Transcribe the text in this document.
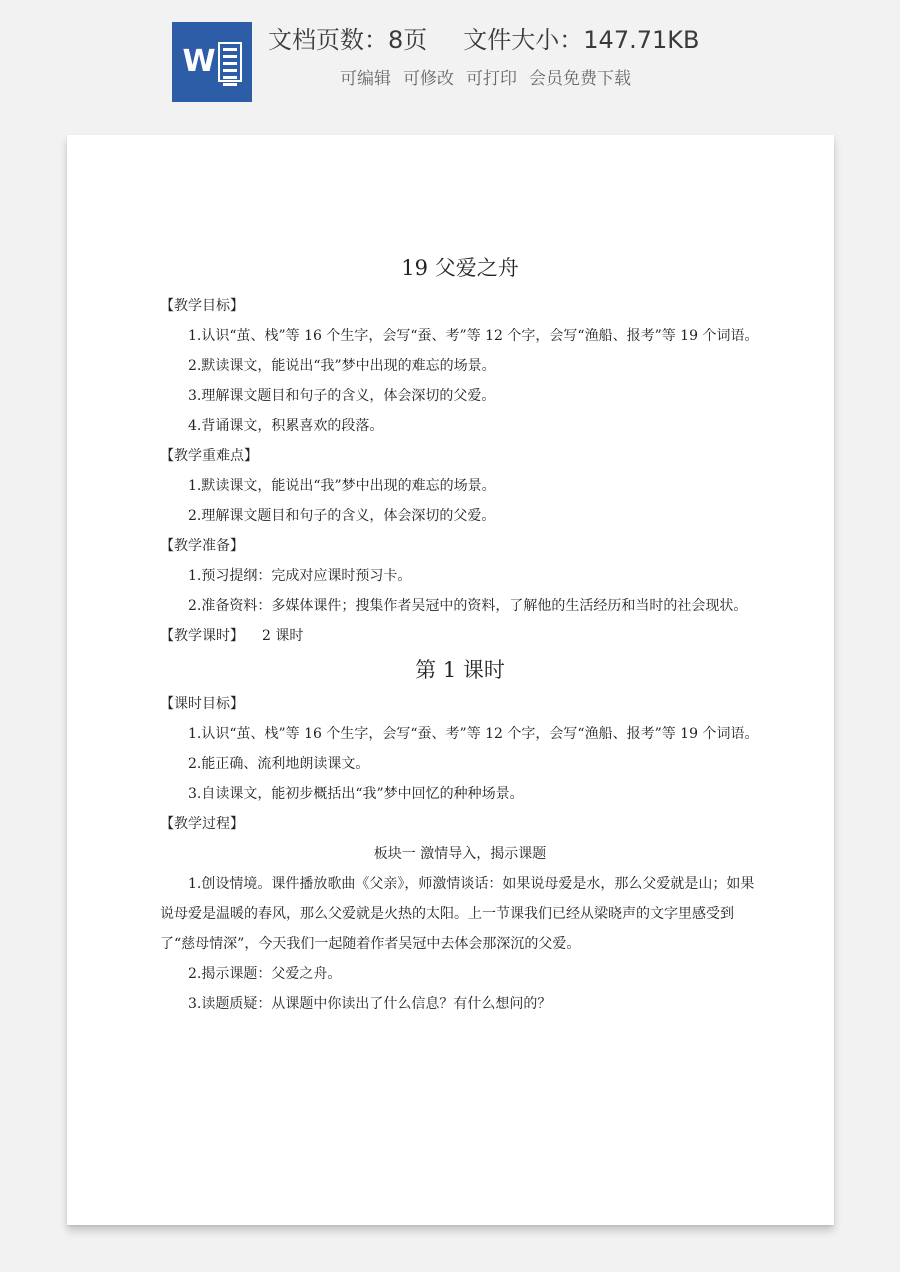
W
文档页数：8页 文件大小：147.71KB
可编辑 可修改 可打印 会员免费下载
19 父爱之舟

【教学目标】

1.认识“茧、栈”等 16 个生字，会写“蚕、考”等 12 个字，会写“渔船、报考”等 19 个词语。

2.默读课文，能说出“我”梦中出现的难忘的场景。

3.理解课文题目和句子的含义，体会深切的父爱。

4.背诵课文，积累喜欢的段落。

【教学重难点】

1.默读课文，能说出“我”梦中出现的难忘的场景。

2.理解课文题目和句子的含义，体会深切的父爱。

【教学准备】

1.预习提纲：完成对应课时预习卡。

2.准备资料：多媒体课件；搜集作者吴冠中的资料，了解他的生活经历和当时的社会现状。

【教学课时】 2 课时

第 1 课时

【课时目标】

1.认识“茧、栈”等 16 个生字，会写“蚕、考”等 12 个字，会写“渔船、报考”等 19 个词语。

2.能正确、流利地朗读课文。

3.自读课文，能初步概括出“我”梦中回忆的种种场景。

【教学过程】

板块一 激情导入，揭示课题

1.创设情境。课件播放歌曲《父亲》，师激情谈话：如果说母爱是水，那么父爱就是山；如果说母爱是温暖的春风，那么父爱就是火热的太阳。上一节课我们已经从梁晓声的文字里感受到了“慈母情深”，今天我们一起随着作者吴冠中去体会那深沉的父爱。

2.揭示课题：父爱之舟。

3.读题质疑：从课题中你读出了什么信息？有什么想问的？
